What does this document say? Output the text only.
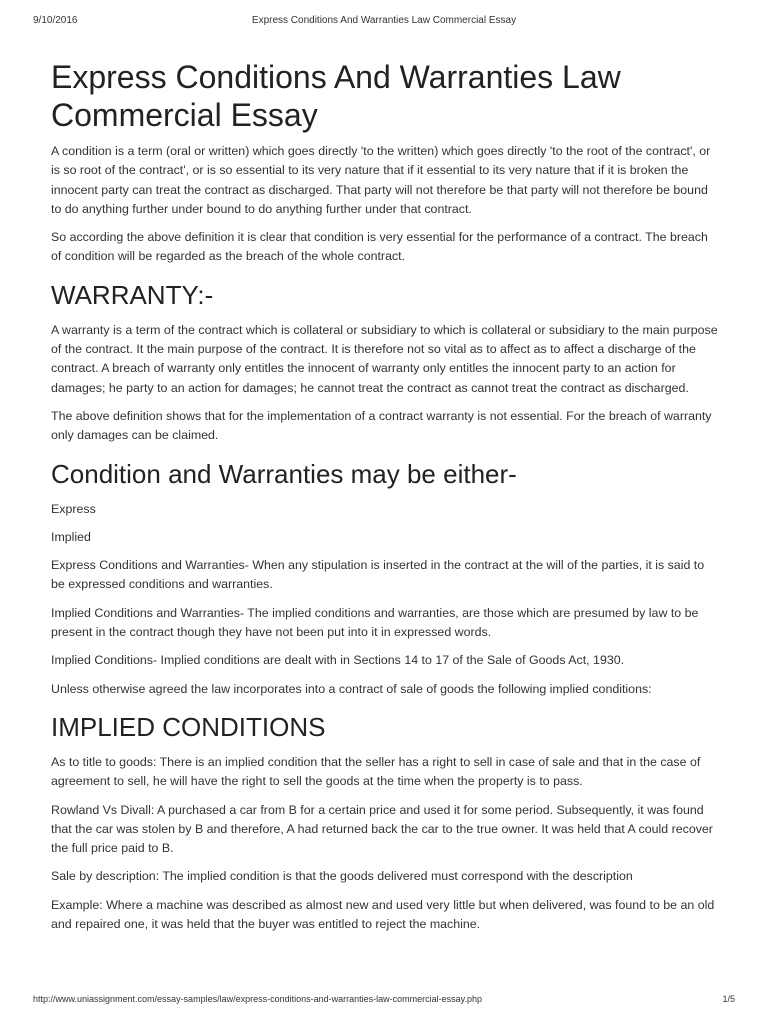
9/10/2016	Express Conditions And Warranties Law Commercial Essay
Express Conditions And Warranties Law Commercial Essay

A condition is a term (oral or written) which goes directly 'to the written) which goes directly 'to the root of the contract', or is so root of the contract', or is so essential to its very nature that if it essential to its very nature that if it is broken the innocent party can treat the contract as discharged. That party will not therefore be that party will not therefore be bound to do anything further under bound to do anything further under that contract.

So according the above definition it is clear that condition is very essential for the performance of a contract. The breach of condition will be regarded as the breach of the whole contract.

WARRANTY:-

A warranty is a term of the contract which is collateral or subsidiary to which is collateral or subsidiary to the main purpose of the contract. It the main purpose of the contract. It is therefore not so vital as to affect as to affect a discharge of the contract. A breach of warranty only entitles the innocent of warranty only entitles the innocent party to an action for damages; he party to an action for damages; he cannot treat the contract as cannot treat the contract as discharged.

The above definition shows that for the implementation of a contract warranty is not essential. For the breach of warranty only damages can be claimed.

Condition and Warranties may be either-

Express

Implied

Express Conditions and Warranties- When any stipulation is inserted in the contract at the will of the parties, it is said to be expressed conditions and warranties.

Implied Conditions and Warranties- The implied conditions and warranties, are those which are presumed by law to be present in the contract though they have not been put into it in expressed words.

Implied Conditions- Implied conditions are dealt with in Sections 14 to 17 of the Sale of Goods Act, 1930.

Unless otherwise agreed the law incorporates into a contract of sale of goods the following implied conditions:

IMPLIED CONDITIONS

As to title to goods: There is an implied condition that the seller has a right to sell in case of sale and that in the case of agreement to sell, he will have the right to sell the goods at the time when the property is to pass.

Rowland Vs Divall: A purchased a car from B for a certain price and used it for some period. Subsequently, it was found that the car was stolen by B and therefore, A had returned back the car to the true owner. It was held that A could recover the full price paid to B.

Sale by description: The implied condition is that the goods delivered must correspond with the description

Example: Where a machine was described as almost new and used very little but when delivered, was found to be an old and repaired one, it was held that the buyer was entitled to reject the machine.

http://www.uniassignment.com/essay-samples/law/express-conditions-and-warranties-law-commercial-essay.php	1/5
